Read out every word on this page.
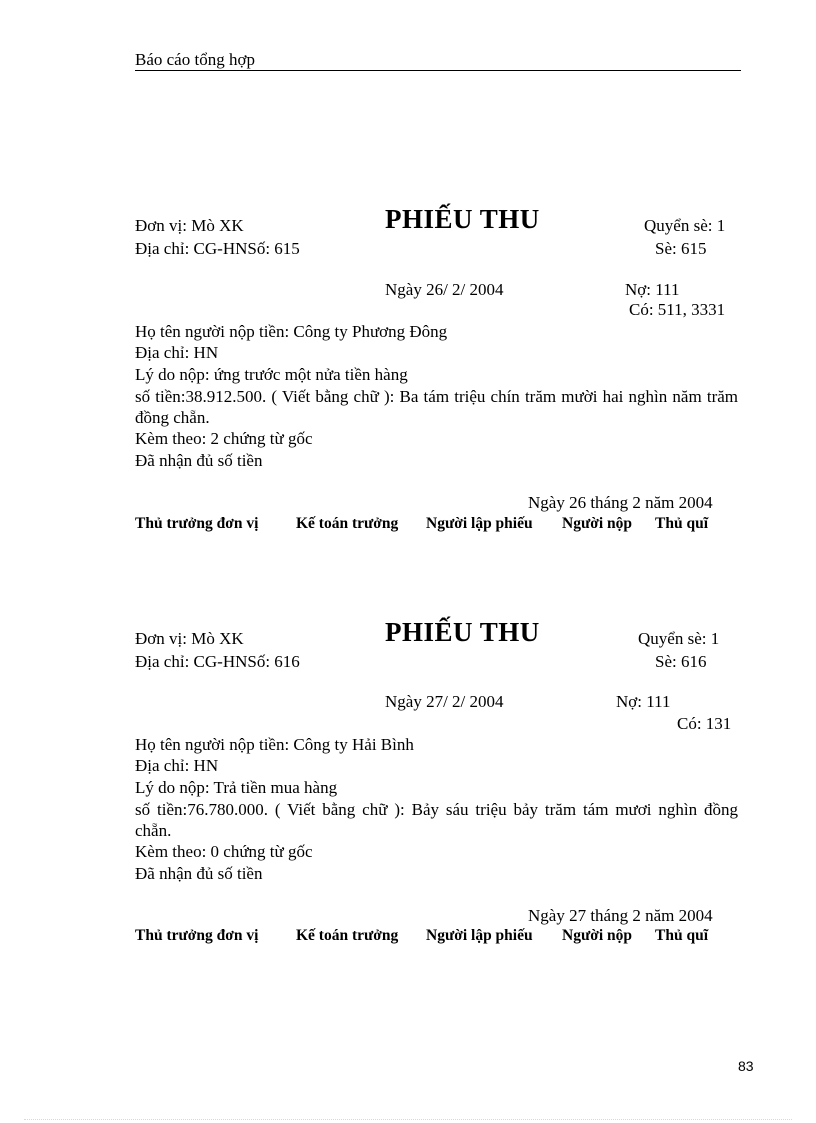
Báo cáo tổng hợp
Đơn vị: Mò XK	PHIẾU THU	Quyển sè: 1
Địa chỉ: CG-HNSố: 615	Sè: 615
Ngày 26/ 2/ 2004	Nợ: 111
Có: 511, 3331
Họ tên người nộp tiền: Công ty Phương Đông
Địa chỉ: HN
Lý do nộp: ứng trước một nửa tiền hàng
số tiền:38.912.500. ( Viết bằng chữ ): Ba tám triệu chín trăm mười hai nghìn năm trăm đồng chẵn.
Kèm theo: 2 chứng từ gốc
Đã nhận đủ số tiền
Ngày 26 tháng 2 năm 2004
Thủ trưởng đơn vị Kế toán trưởng Người lập phiếu Người nộp Thủ quĩ
Đơn vị: Mò XK	PHIẾU THU	Quyển sè: 1
Địa chỉ: CG-HNSố: 616	Sè: 616
Ngày 27/ 2/ 2004	Nợ: 111
Có: 131
Họ tên người nộp tiền: Công ty Hải Bình
Địa chỉ: HN
Lý do nộp: Trả tiền mua hàng
số tiền:76.780.000. ( Viết bằng chữ ): Bảy sáu triệu bảy trăm tám mươi nghìn đồng chẵn.
Kèm theo: 0 chứng từ gốc
Đã nhận đủ số tiền
Ngày 27 tháng 2 năm 2004
Thủ trưởng đơn vị Kế toán trưởng Người lập phiếu Người nộp Thủ quĩ
83
